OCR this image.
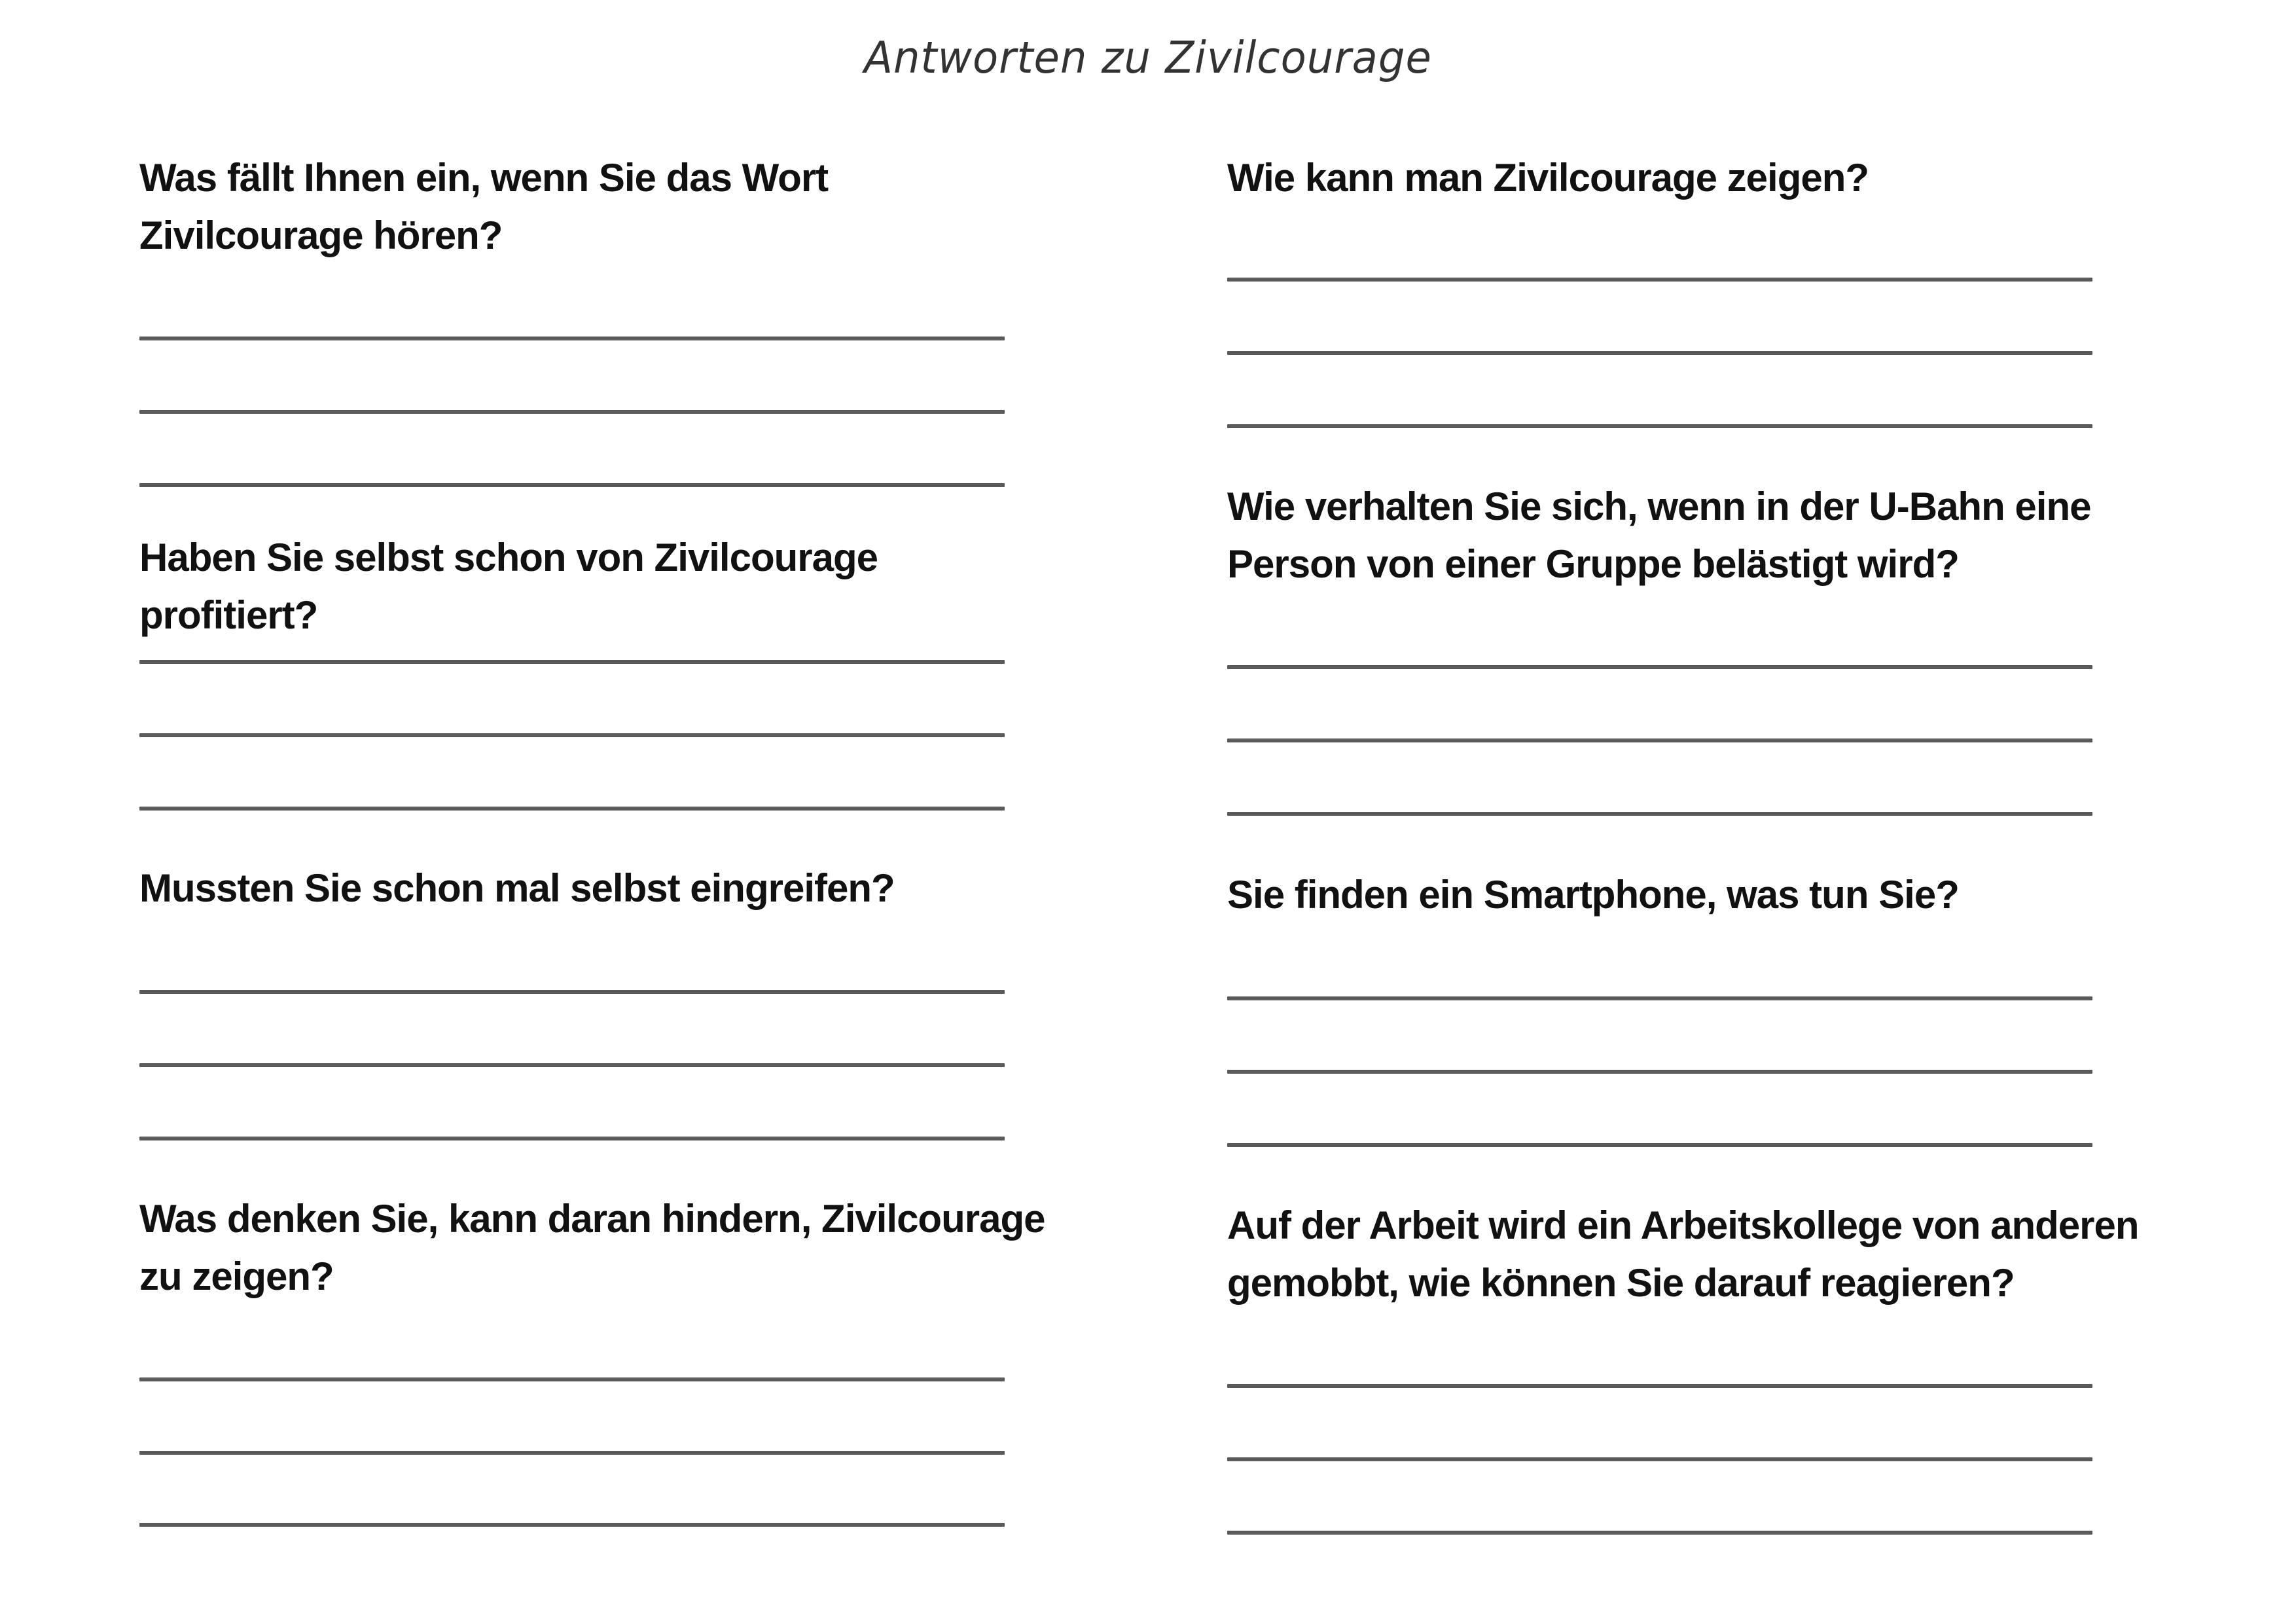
Antworten zu Zivilcourage
Was fällt Ihnen ein, wenn Sie das Wort Zivilcourage hören?
Haben Sie selbst schon von Zivilcourage profitiert?
Mussten Sie schon mal selbst eingreifen?
Was denken Sie, kann daran hindern, Zivilcourage zu zeigen?
Wie kann man Zivilcourage zeigen?
Wie verhalten Sie sich, wenn in der U-Bahn eine Person von einer Gruppe belästigt wird?
Sie finden ein Smartphone, was tun Sie?
Auf der Arbeit wird ein Arbeitskollege von anderen gemobbt, wie können Sie darauf reagieren?
